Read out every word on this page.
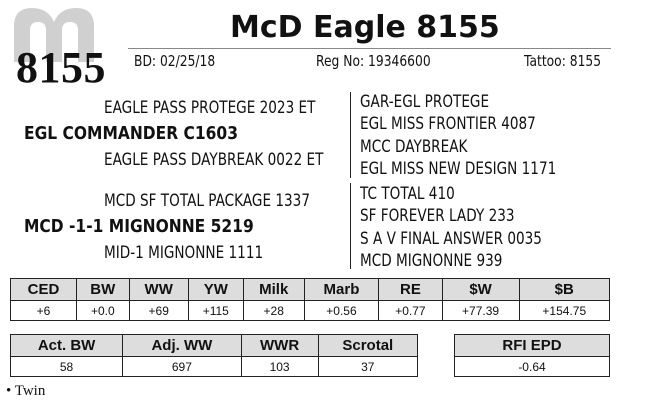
8155
McD Eagle 8155
BD: 02/25/18	Reg No: 19346600	Tattoo: 8155
EAGLE PASS PROTEGE 2023 ET
EGL COMMANDER C1603
EAGLE PASS DAYBREAK 0022 ET
MCD SF TOTAL PACKAGE 1337
MCD -1-1 MIGNONNE 5219
MID-1 MIGNONNE 1111
GAR-EGL PROTEGE
EGL MISS FRONTIER 4087
MCC DAYBREAK
EGL MISS NEW DESIGN 1171
TC TOTAL 410
SF FOREVER LADY 233
S A V FINAL ANSWER 0035
MCD MIGNONNE 939
CED	BW	WW	YW	Milk	Marb	RE	$W	$B
+6	+0.0	+69	+115	+28	+0.56	+0.77	+77.39	+154.75
Act. BW	Adj. WW	WWR	Scrotal
58	697	103	37
RFI EPD
-0.64
• Twin
